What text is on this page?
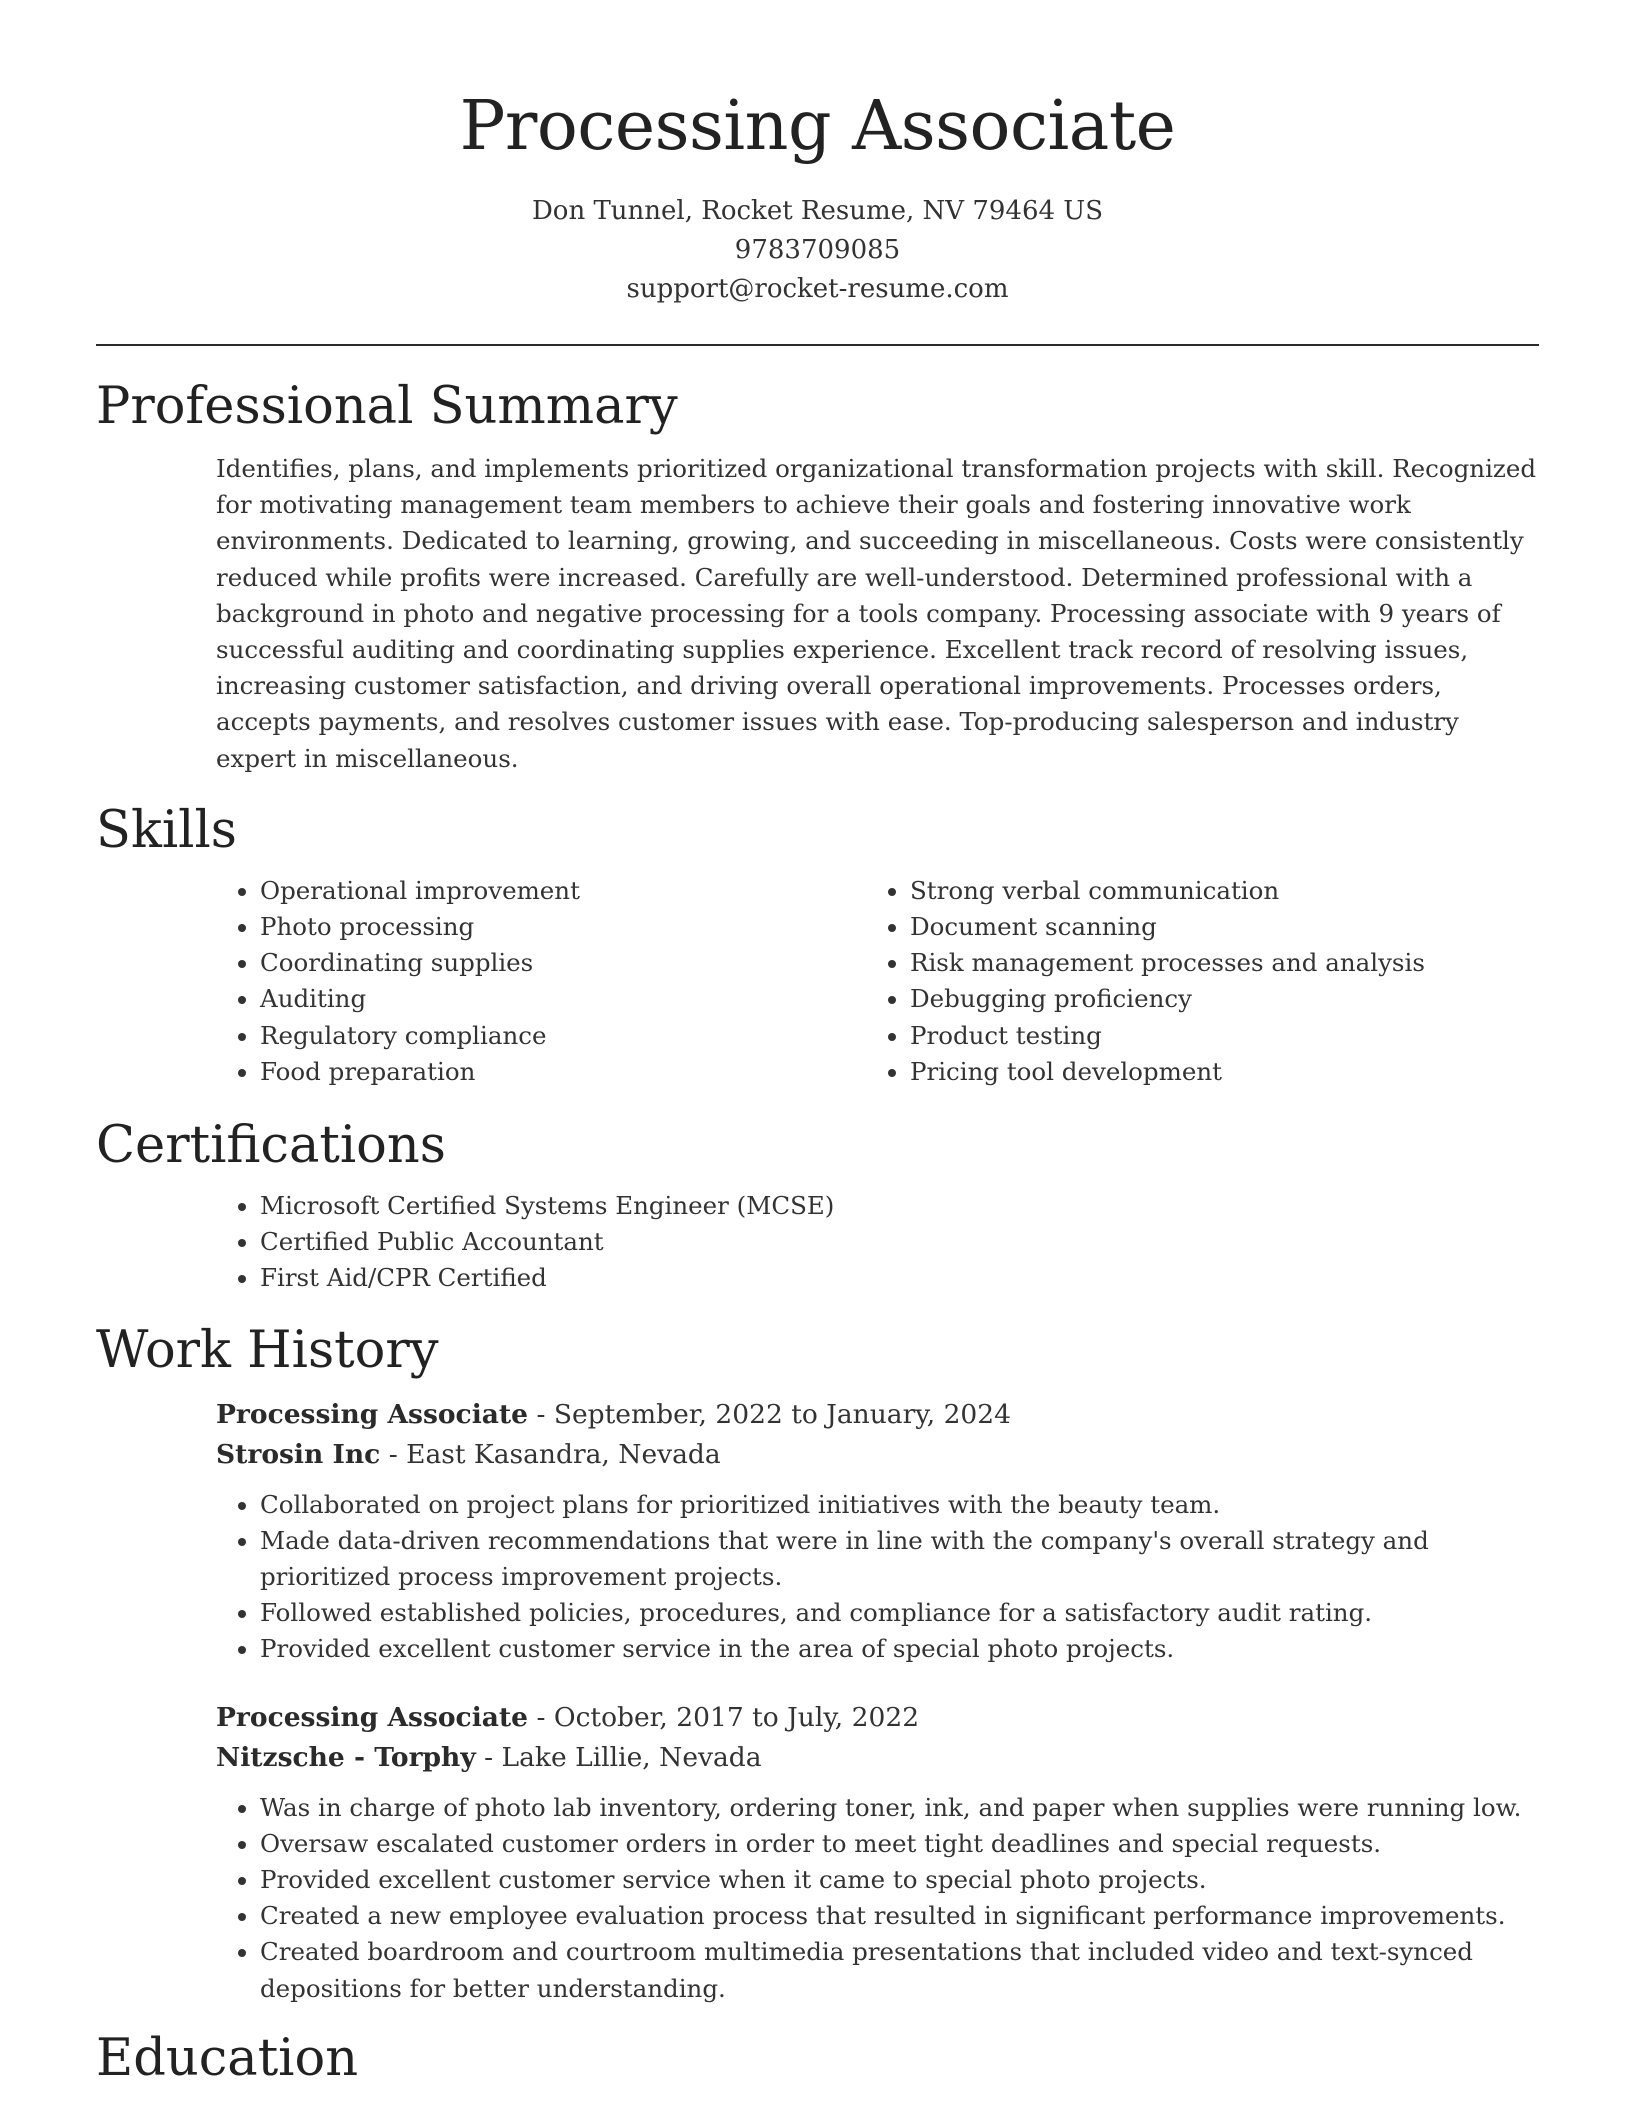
Processing Associate
Don Tunnel, Rocket Resume, NV 79464 US
9783709085
support@rocket-resume.com
Professional Summary

Identifies, plans, and implements prioritized organizational transformation projects with skill. Recognized for motivating management team members to achieve their goals and fostering innovative work environments. Dedicated to learning, growing, and succeeding in miscellaneous. Costs were consistently reduced while profits were increased. Carefully are well-understood. Determined professional with a background in photo and negative processing for a tools company. Processing associate with 9 years of successful auditing and coordinating supplies experience. Excellent track record of resolving issues, increasing customer satisfaction, and driving overall operational improvements. Processes orders, accepts payments, and resolves customer issues with ease. Top-producing salesperson and industry expert in miscellaneous.

Skills
• Operational improvement
• Photo processing
• Coordinating supplies
• Auditing
• Regulatory compliance
• Food preparation
• Strong verbal communication
• Document scanning
• Risk management processes and analysis
• Debugging proficiency
• Product testing
• Pricing tool development
Certifications
• Microsoft Certified Systems Engineer (MCSE)
• Certified Public Accountant
• First Aid/CPR Certified
Work History

Processing Associate - September, 2022 to January, 2024

Strosin Inc - East Kasandra, Nevada

• Collaborated on project plans for prioritized initiatives with the beauty team.
• Made data-driven recommendations that were in line with the company's overall strategy and prioritized process improvement projects.
• Followed established policies, procedures, and compliance for a satisfactory audit rating.
• Provided excellent customer service in the area of special photo projects.

Processing Associate - October, 2017 to July, 2022

Nitzsche - Torphy - Lake Lillie, Nevada

• Was in charge of photo lab inventory, ordering toner, ink, and paper when supplies were running low.
• Oversaw escalated customer orders in order to meet tight deadlines and special requests.
• Provided excellent customer service when it came to special photo projects.
• Created a new employee evaluation process that resulted in significant performance improvements.
• Created boardroom and courtroom multimedia presentations that included video and text-synced depositions for better understanding.
Education
